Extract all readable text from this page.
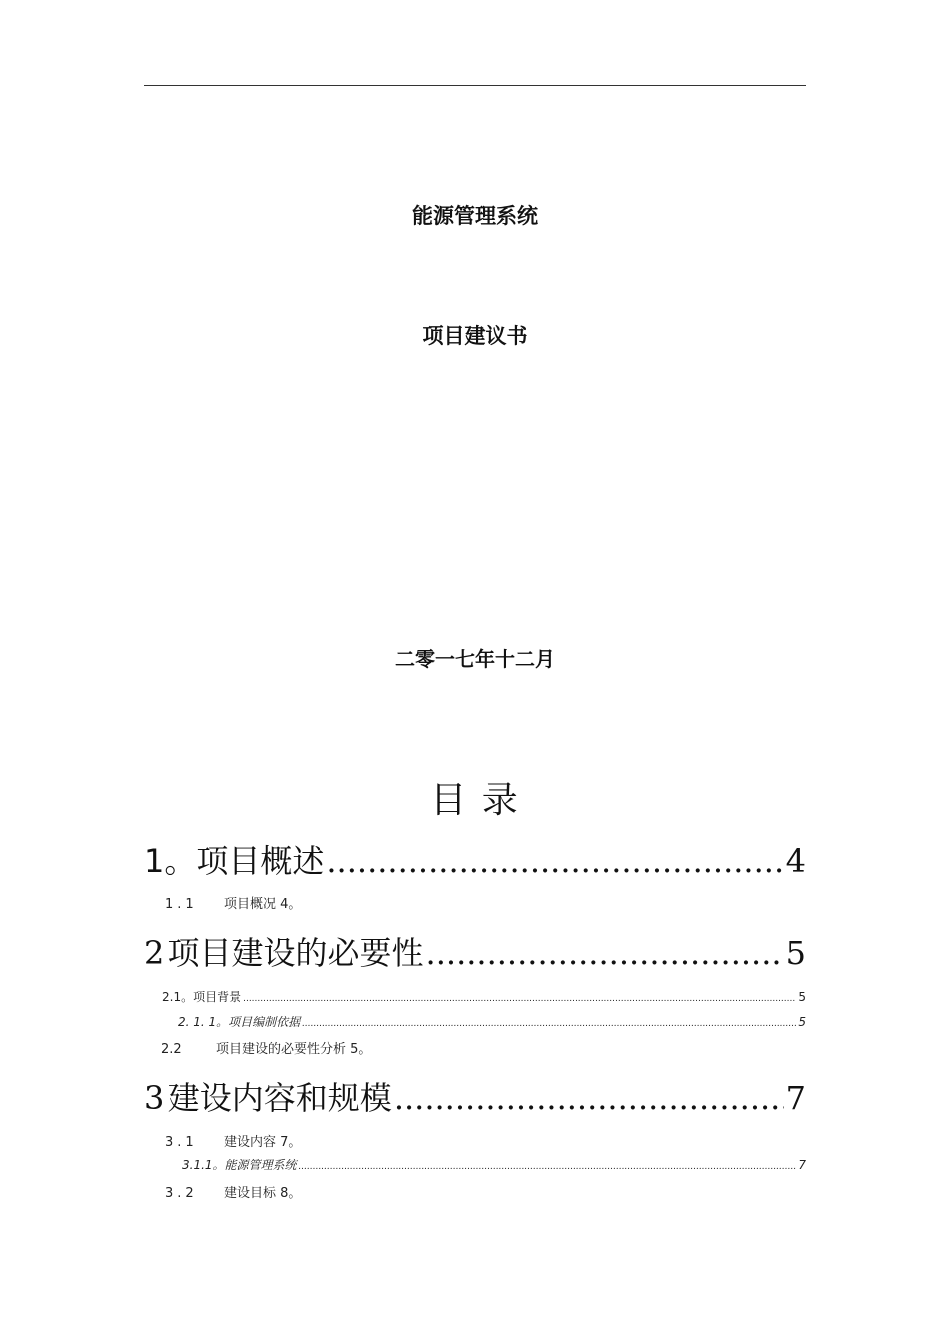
能源管理系统
项目建议书
二零一七年十二月
目 录
1。项目概述 .....	4
1.1 项目概况 4。
2 项目建设的必要性 .....	5
2.1。项目背景 .....	5
2. 1. 1。项目编制依据 .....	5
2.2	项目建设的必要性分析 5。
3 建设内容和规模 .....	7
3.1 建设内容 7。
3.1.1。能源管理系统 .....	7
3.2 建设目标 8。
